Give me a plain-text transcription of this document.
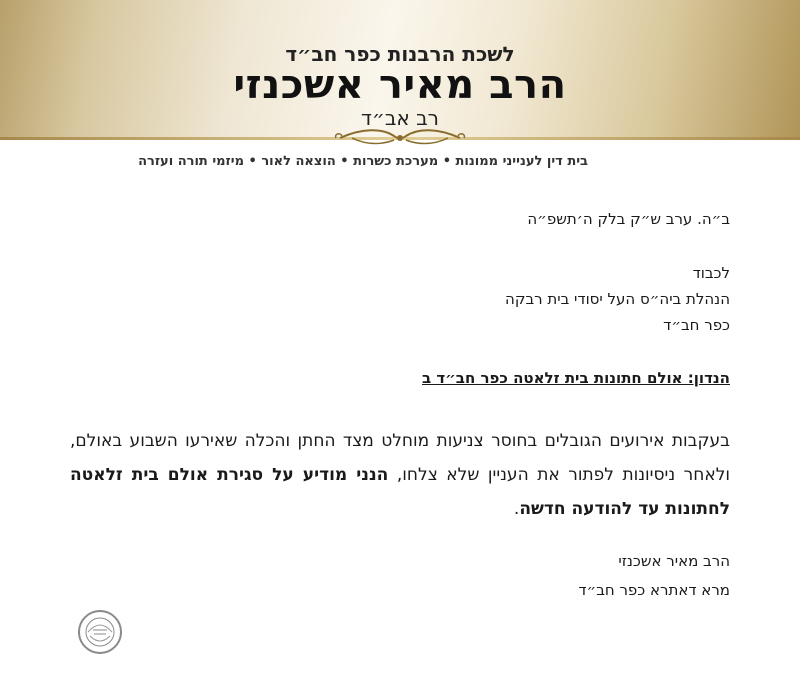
לשכת הרבנות כפר חב״ד
הרב מאיר אשכנזי
רב אב״ד
בית דין לענייני ממונות • מערכת כשרות • הוצאה לאור • מיזמי תורה ועזרה
ב״ה. ערב ש״ק בלק ה׳תשפ״ה
לכבוד
הנהלת ביה״ס העל יסודי בית רבקה
כפר חב״ד
הנדון: אולם חתונות בית זלאטה כפר חב״ד ב
בעקבות אירועים הגובלים בחוסר צניעות מוחלט מצד החתן והכלה שאירעו השבוע באולם, ולאחר ניסיונות לפתור את העניין שלא צלחו, הנני מודיע על סגירת אולם בית זלאטה לחתונות עד להודעה חדשה.
הרב מאיר אשכנזי
מרא דאתרא כפר חב״ד
